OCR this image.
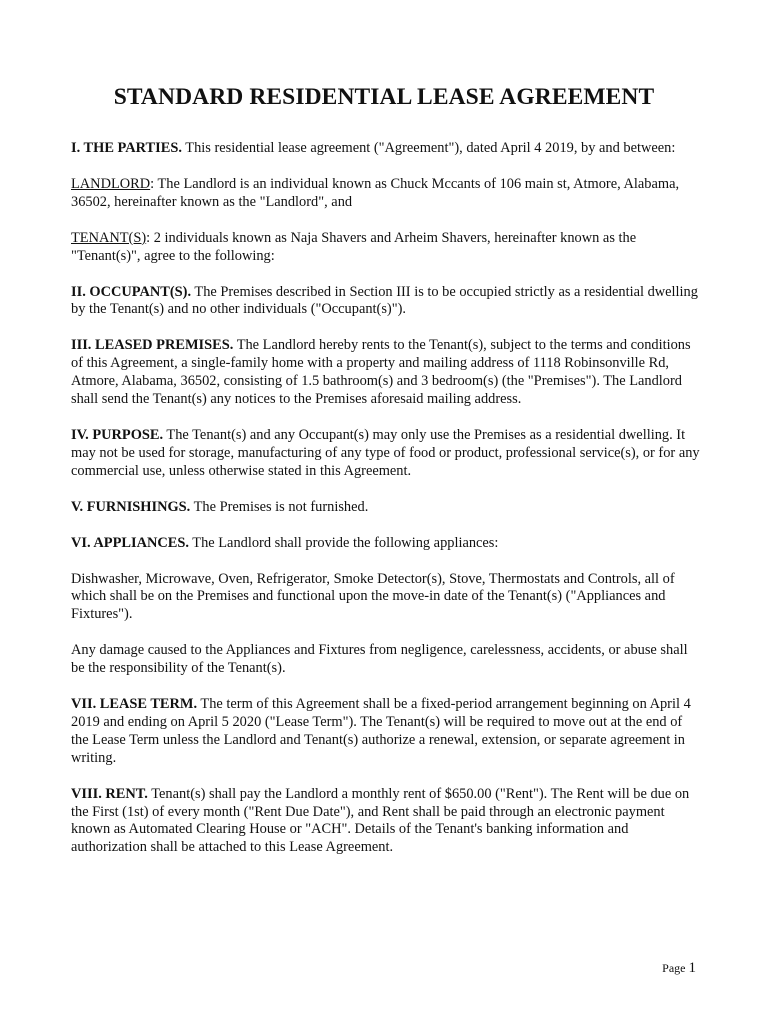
STANDARD RESIDENTIAL LEASE AGREEMENT

I. THE PARTIES. This residential lease agreement ("Agreement"), dated April 4 2019, by and between:

LANDLORD: The Landlord is an individual known as Chuck Mccants of 106 main st, Atmore, Alabama, 36502, hereinafter known as the "Landlord", and

TENANT(S): 2 individuals known as Naja Shavers and Arheim Shavers, hereinafter known as the "Tenant(s)", agree to the following:

II. OCCUPANT(S). The Premises described in Section III is to be occupied strictly as a residential dwelling by the Tenant(s) and no other individuals ("Occupant(s)").

III. LEASED PREMISES. The Landlord hereby rents to the Tenant(s), subject to the terms and conditions of this Agreement, a single-family home with a property and mailing address of 1118 Robinsonville Rd, Atmore, Alabama, 36502, consisting of 1.5 bathroom(s) and 3 bedroom(s) (the "Premises"). The Landlord shall send the Tenant(s) any notices to the Premises aforesaid mailing address.

IV. PURPOSE. The Tenant(s) and any Occupant(s) may only use the Premises as a residential dwelling. It may not be used for storage, manufacturing of any type of food or product, professional service(s), or for any commercial use, unless otherwise stated in this Agreement.

V. FURNISHINGS. The Premises is not furnished.

VI. APPLIANCES. The Landlord shall provide the following appliances:

Dishwasher, Microwave, Oven, Refrigerator, Smoke Detector(s), Stove, Thermostats and Controls, all of which shall be on the Premises and functional upon the move-in date of the Tenant(s) ("Appliances and Fixtures").

Any damage caused to the Appliances and Fixtures from negligence, carelessness, accidents, or abuse shall be the responsibility of the Tenant(s).

VII. LEASE TERM. The term of this Agreement shall be a fixed-period arrangement beginning on April 4 2019 and ending on April 5 2020 ("Lease Term"). The Tenant(s) will be required to move out at the end of the Lease Term unless the Landlord and Tenant(s) authorize a renewal, extension, or separate agreement in writing.

VIII. RENT. Tenant(s) shall pay the Landlord a monthly rent of $650.00 ("Rent"). The Rent will be due on the First (1st) of every month ("Rent Due Date"), and Rent shall be paid through an electronic payment known as Automated Clearing House or "ACH". Details of the Tenant's banking information and authorization shall be attached to this Lease Agreement.

Page 1
